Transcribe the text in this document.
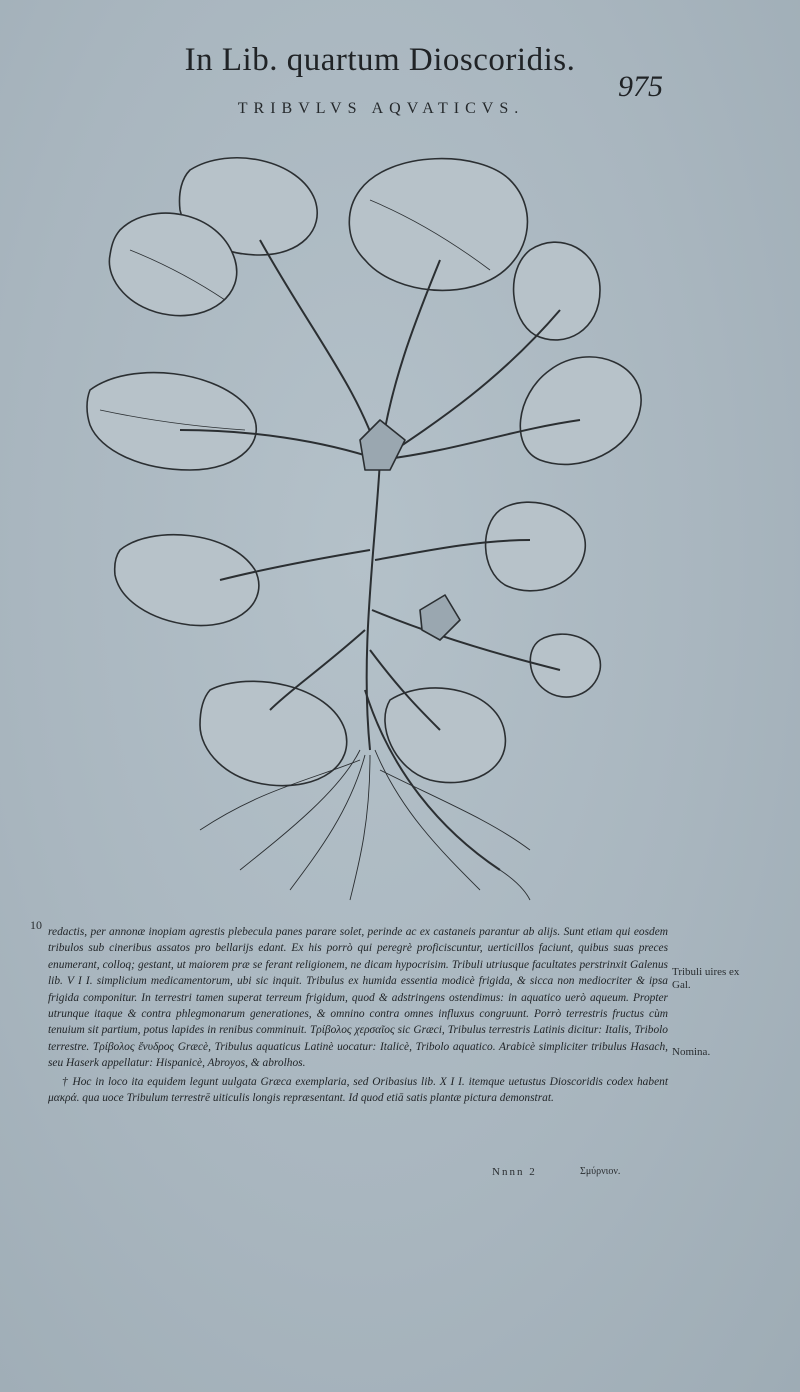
In Lib. quartum Dioscoridis.
975
TRIBVLVS AQVATICVS.
10 redactis, per annonæ inopiam agrestis plebecula panes parare solet, perinde ac ex castaneis parantur ab alijs. Sunt etiam qui eosdem tribulos sub cineribus assatos pro bellarijs edant. Ex his porrò qui peregrè proficiscuntur, uerticillos faciunt, quibus suas preces enumerant, colloq; gestant, ut maiorem præ se ferant religionem, ne dicam hypocrisim. Tribuli utriusque facultates perstrinxit Galenus lib. V I I. simplicium medicamentorum, ubi sic inquit. Tribulus ex humida essentia modicè frigida, & sicca non mediocriter & ipsa frigida componitur. In terrestri tamen superat terreum frigidum, quod & adstringens ostendimus: in aquatico uerò aqueum. Propter utrunque itaque & contra phlegmonarum generationes, & omnino contra omnes influxus congruunt. Porrò terrestris fructus cùm tenuium sit partium, potus lapides in renibus comminuit. Τρίβολος χερσαῖος sic Græci, Tribulus terrestris Latinis dicitur: Italis, Tribolo terrestre. Τρίβολος ἔνυδρος Græcè, Tribulus aquaticus Latinè uocatur: Italicè, Tribolo aquatico. Arabicè simpliciter tribulus Hasach, seu Haserk appellatur: Hispanicè, Abroyos, & abrolhos.

† Hoc in loco ita equidem legunt uulgata Græca exemplaria, sed Oribasius lib. X I I. itemque uetustus Dioscoridis codex habent μακρά. qua uoce Tribulum terrestrē uiticulis longis repræsentant. Id quod etiā satis plantæ pictura demonstrat.

Tribuli uires ex Gal.
Nomina.
Nnnn 2	Σμύρνιον.
